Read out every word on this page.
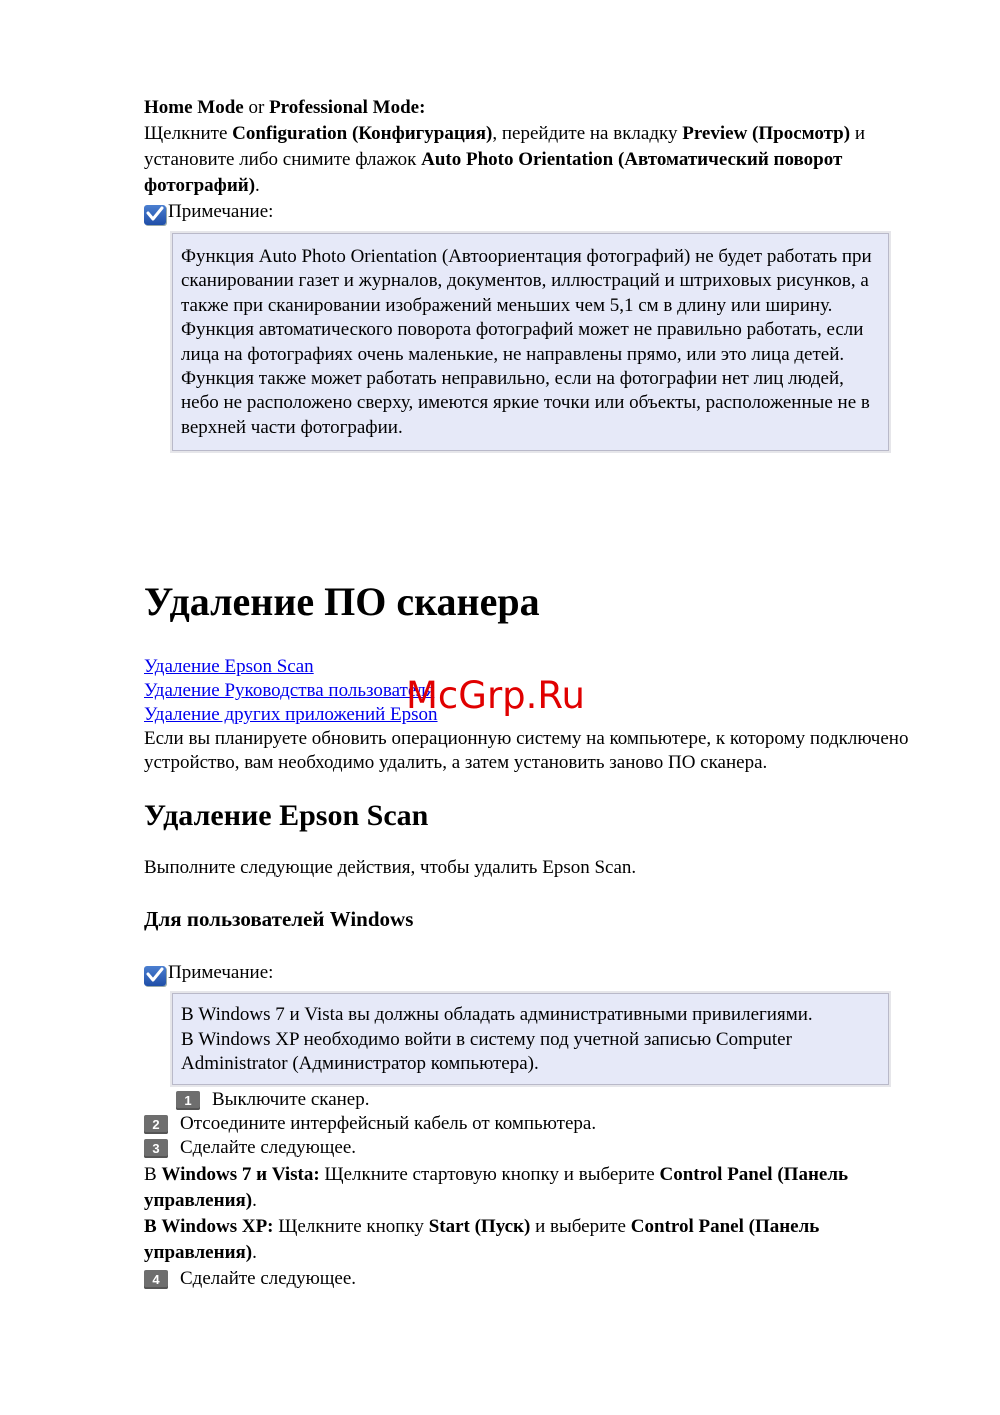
Home Mode or Professional Mode:

Щелкните Configuration (Конфигурация), перейдите на вкладку Preview (Просмотр) и установите либо снимите флажок Auto Photo Orientation (Автоматический поворот фотографий).

Примечание:

Функция Auto Photo Orientation (Автоориентация фотографий) не будет работать при сканировании газет и журналов, документов, иллюстраций и штриховых рисунков, а также при сканировании изображений меньших чем 5,1 см в длину или ширину.

Функция автоматического поворота фотографий может не правильно работать, если лица на фотографиях очень маленькие, не направлены прямо, или это лица детей. Функция также может работать неправильно, если на фотографии нет лиц людей, небо не расположено сверху, имеются яркие точки или объекты, расположенные не в верхней части фотографии.

Удаление ПО сканера
Удаление Epson Scan
Удаление Руководства пользователя
Удаление других приложений Epson

Если вы планируете обновить операционную систему на компьютере, к которому подключено устройство, вам необходимо удалить, а затем установить заново ПО сканера.

Удаление Epson Scan

Выполните следующие действия, чтобы удалить Epson Scan.

Для пользователей Windows
Примечание:

В Windows 7 и Vista вы должны обладать административными привилегиями.

В Windows XP необходимо войти в систему под учетной записью Computer Administrator (Администратор компьютера).

1	Выключите сканер.
2	Отсоедините интерфейсный кабель от компьютера.
3	Сделайте следующее.

В Windows 7 и Vista: Щелкните стартовую кнопку и выберите Control Panel (Панель управления).

В Windows XP: Щелкните кнопку Start (Пуск) и выберите Control Panel (Панель управления).

4	Сделайте следующее.
McGrp.Ru
